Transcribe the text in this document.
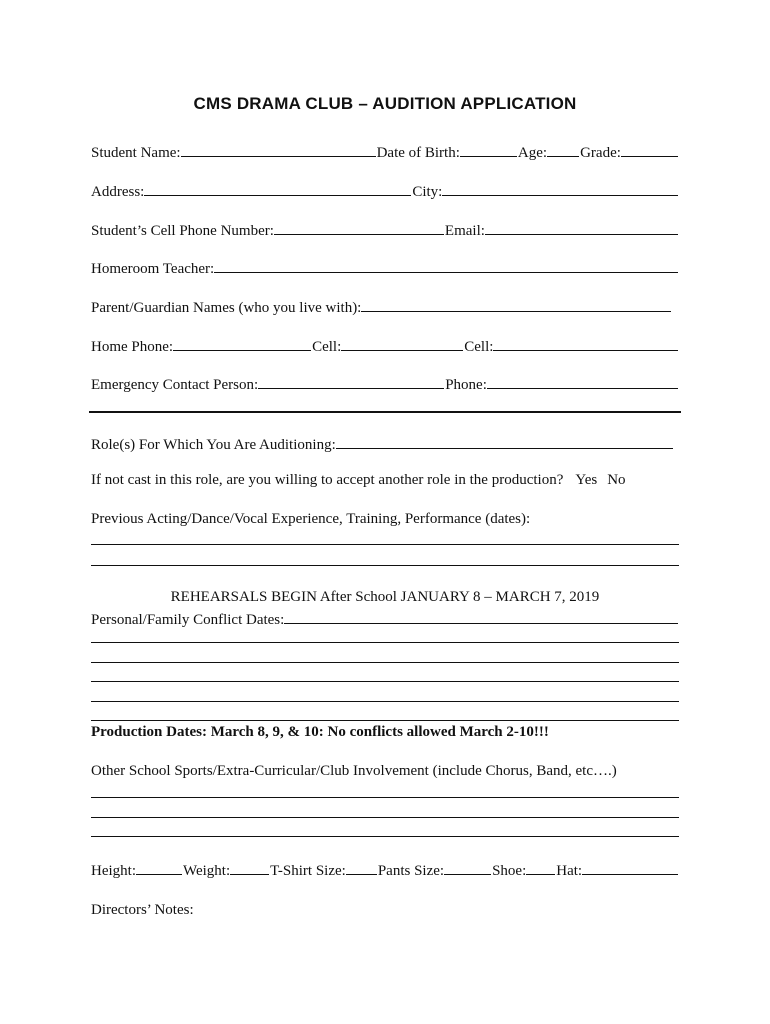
CMS DRAMA CLUB – AUDITION APPLICATION
Student Name:	Date of Birth:	Age: Grade:
Address:	City:
Student’s Cell Phone Number:	Email:
Homeroom Teacher:
Parent/Guardian Names (who you live with):
Home Phone:	Cell:	Cell:
Emergency Contact Person:	Phone:
Role(s) For Which You Are Auditioning:
If not cast in this role, are you willing to accept another role in the production? Yes No
Previous Acting/Dance/Vocal Experience, Training, Performance (dates):
REHEARSALS BEGIN After School JANUARY 8 – MARCH 7, 2019
Personal/Family Conflict Dates:
Production Dates: March 8, 9, & 10: No conflicts allowed March 2-10!!!
Other School Sports/Extra-Curricular/Club Involvement (include Chorus, Band, etc….)
Height:	Weight:	T-Shirt Size: Pants Size:	Shoe: Hat:
Directors’ Notes:
